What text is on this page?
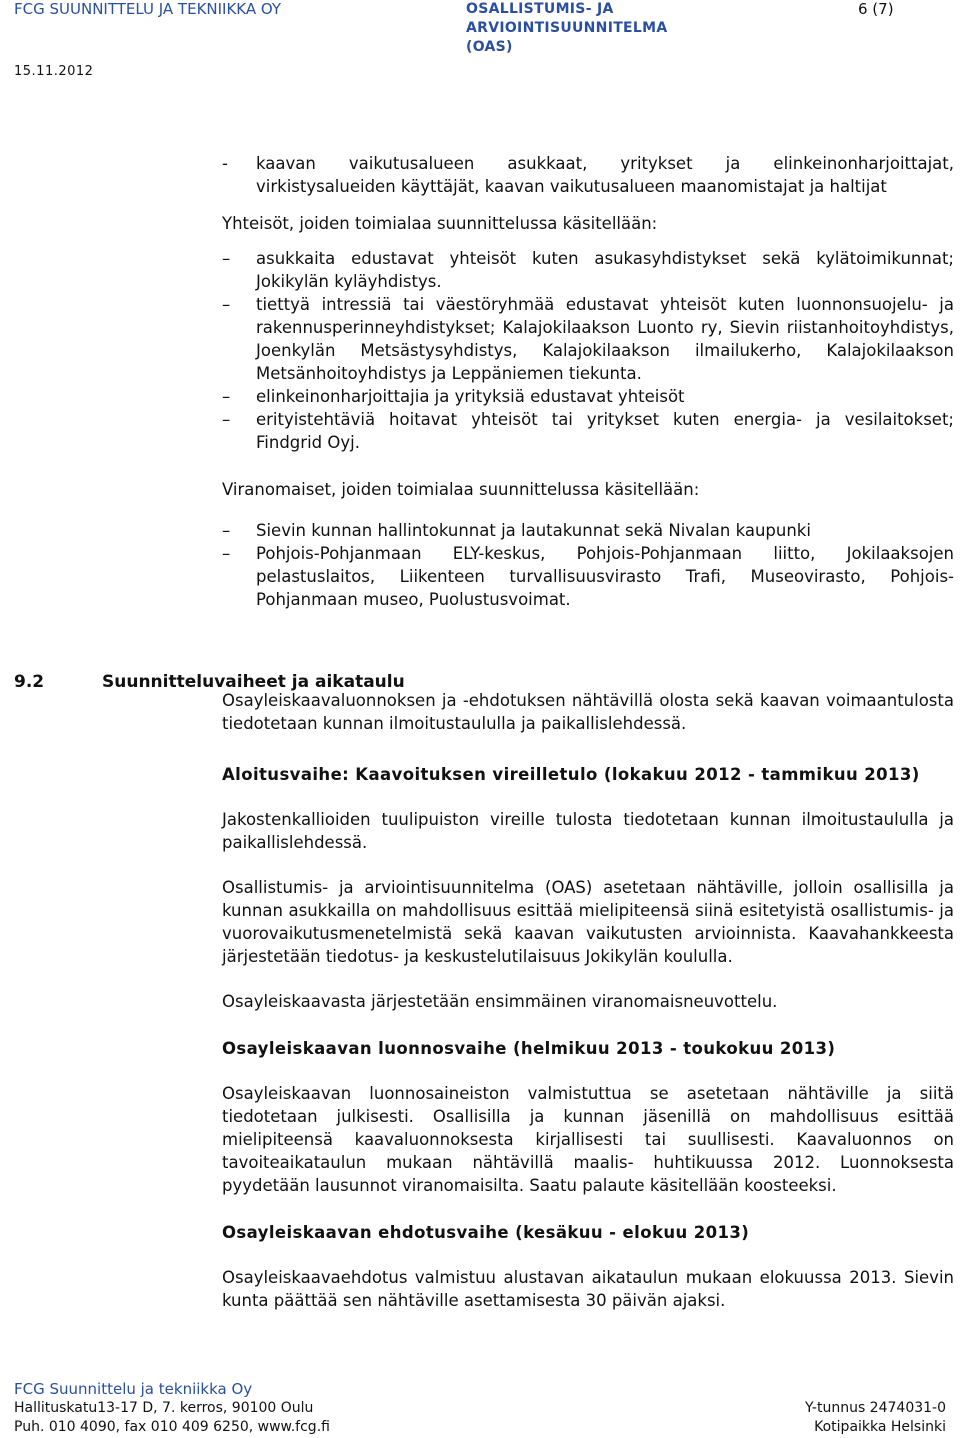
FCG SUUNNITTELU JA TEKNIIKKA OY	OSALLISTUMIS- JA
ARVIOINTISUUNNITELMA
(OAS)
6 (7)
15.11.2012
-	kaavan vaikutusalueen asukkaat, yritykset ja elinkeinonharjoittajat, virkistysalueiden käyttäjät, kaavan vaikutusalueen maanomistajat ja haltijat

Yhteisöt, joiden toimialaa suunnittelussa käsitellään:

–	asukkaita edustavat yhteisöt kuten asukasyhdistykset sekä kylätoimikunnat; Jokikylän kyläyhdistys.
–	tiettyä intressiä tai väestöryhmää edustavat yhteisöt kuten luonnonsuojelu- ja rakennusperinneyhdistykset; Kalajokilaakson Luonto ry, Sievin riistanhoitoyhdistys, Joenkylän Metsästysyhdistys, Kalajokilaakson ilmailukerho, Kalajokilaakson Metsänhoitoyhdistys ja Leppäniemen tiekunta.
–	elinkeinonharjoittajia ja yrityksiä edustavat yhteisöt
–	erityistehtäviä hoitavat yhteisöt tai yritykset kuten energia- ja vesilaitokset; Findgrid Oyj.

Viranomaiset, joiden toimialaa suunnittelussa käsitellään:

–	Sievin kunnan hallintokunnat ja lautakunnat sekä Nivalan kaupunki
–	Pohjois-Pohjanmaan ELY-keskus, Pohjois-Pohjanmaan liitto, Jokilaaksojen pelastuslaitos, Liikenteen turvallisuusvirasto Trafi, Museovirasto, Pohjois-Pohjanmaan museo, Puolustusvoimat.

Osayleiskaavaluonnoksen ja -ehdotuksen nähtävillä olosta sekä kaavan voimaantulosta tiedotetaan kunnan ilmoitustaululla ja paikallislehdessä.

Aloitusvaihe: Kaavoituksen vireilletulo (lokakuu 2012 - tammikuu 2013)

Jakostenkallioiden tuulipuiston vireille tulosta tiedotetaan kunnan ilmoitustaululla ja paikallislehdessä.

Osallistumis- ja arviointisuunnitelma (OAS) asetetaan nähtäville, jolloin osallisilla ja kunnan asukkailla on mahdollisuus esittää mielipiteensä siinä esitetyistä osallistumis- ja vuorovaikutusmenetelmistä sekä kaavan vaikutusten arvioinnista. Kaavahankkeesta järjestetään tiedotus- ja keskustelutilaisuus Jokikylän koululla.

Osayleiskaavasta järjestetään ensimmäinen viranomaisneuvottelu.

Osayleiskaavan luonnosvaihe (helmikuu 2013 - toukokuu 2013)

Osayleiskaavan luonnosaineiston valmistuttua se asetetaan nähtäville ja siitä tiedotetaan julkisesti. Osallisilla ja kunnan jäsenillä on mahdollisuus esittää mielipiteensä kaavaluonnoksesta kirjallisesti tai suullisesti. Kaavaluonnos on tavoiteaikataulun mukaan nähtävillä maalis- huhtikuussa 2012. Luonnoksesta pyydetään lausunnot viranomaisilta. Saatu palaute käsitellään koosteeksi.

Osayleiskaavan ehdotusvaihe (kesäkuu - elokuu 2013)

Osayleiskaavaehdotus valmistuu alustavan aikataulun mukaan elokuussa 2013. Sievin kunta päättää sen nähtäville asettamisesta 30 päivän ajaksi.

9.2	Suunnitteluvaiheet ja aikataulu
FCG Suunnittelu ja tekniikka Oy
Hallituskatu13-17 D, 7. kerros, 90100 Oulu	Y-tunnus 2474031-0
Puh. 010 4090, fax 010 409 6250, www.fcg.fi	Kotipaikka Helsinki
